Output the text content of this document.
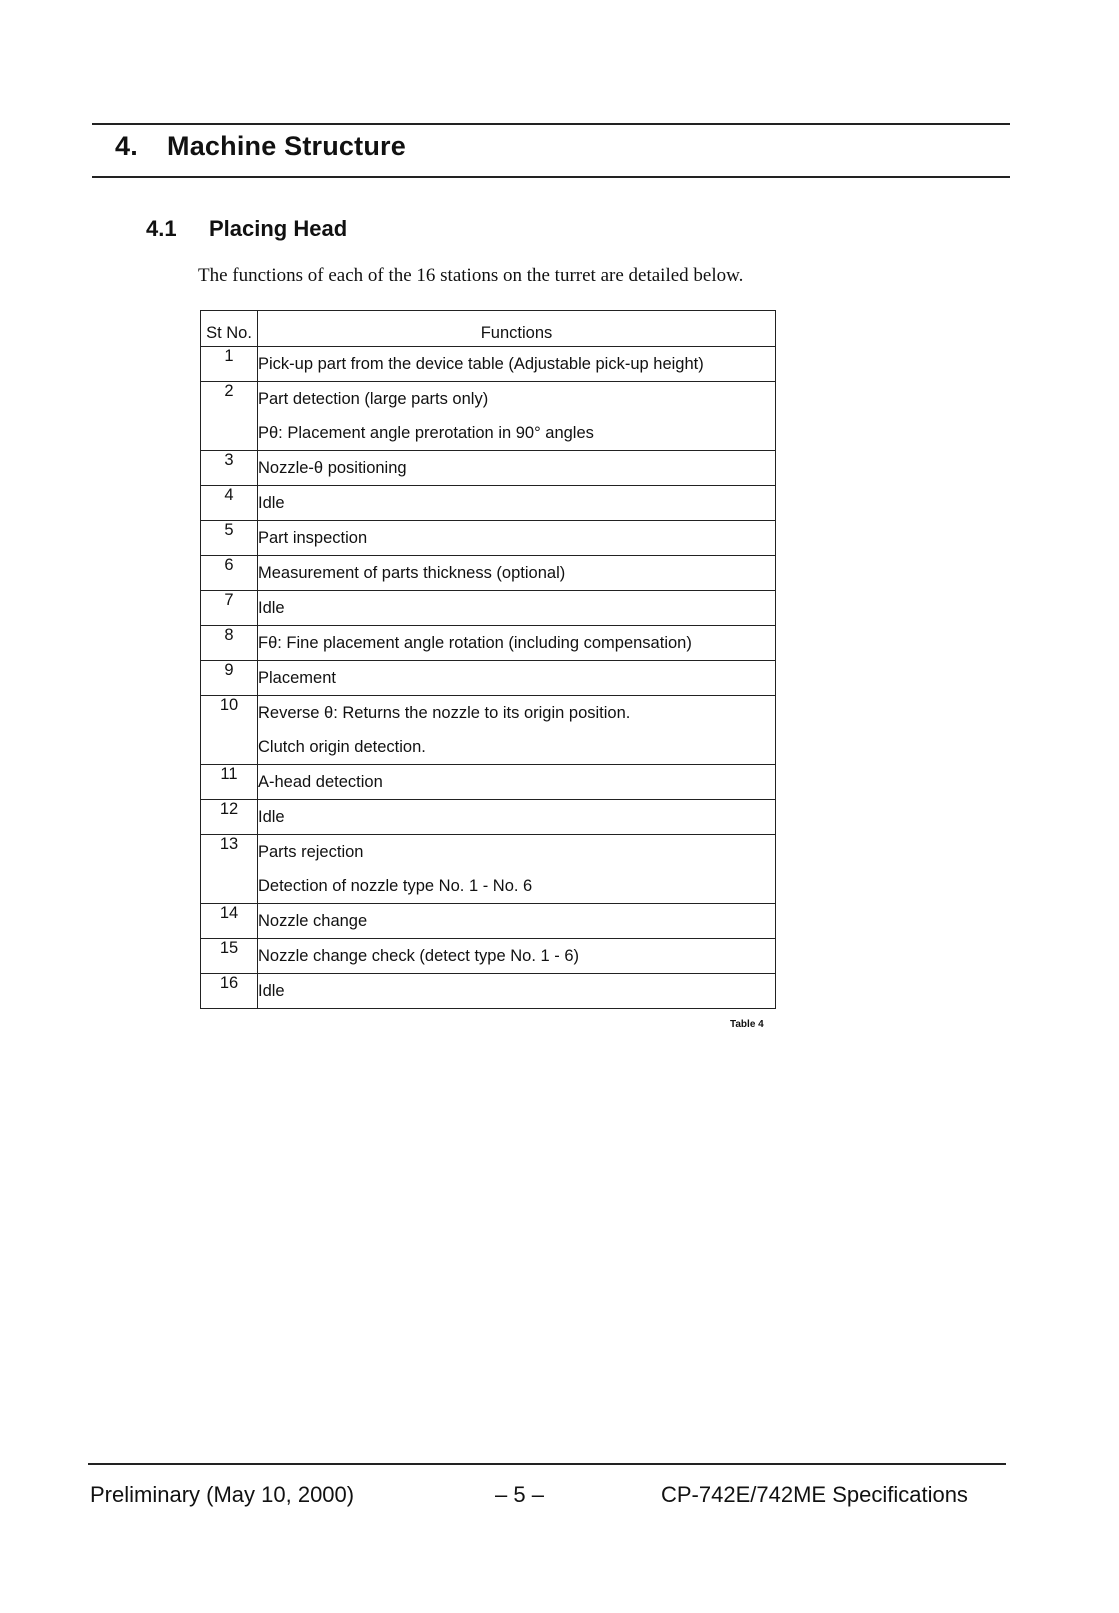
4. Machine Structure
4.1 Placing Head

The functions of each of the 16 stations on the turret are detailed below.

St No.	Functions
1	Pick-up part from the device table (Adjustable pick-up height)

2	Part detection (large parts only)
Pθ: Placement angle prerotation in 90° angles

3	Nozzle-θ positioning

4	Idle

5	Part inspection

6	Measurement of parts thickness (optional)

7	Idle

8	Fθ: Fine placement angle rotation (including compensation)

9	Placement

10	Reverse θ: Returns the nozzle to its origin position.
Clutch origin detection.

11	A-head detection

12	Idle

13	Parts rejection
Detection of nozzle type No. 1 - No. 6

14	Nozzle change

15	Nozzle change check (detect type No. 1 - 6)

16	Idle

Table 4

Preliminary (May 10, 2000)	– 5 –	CP-742E/742ME Specifications
